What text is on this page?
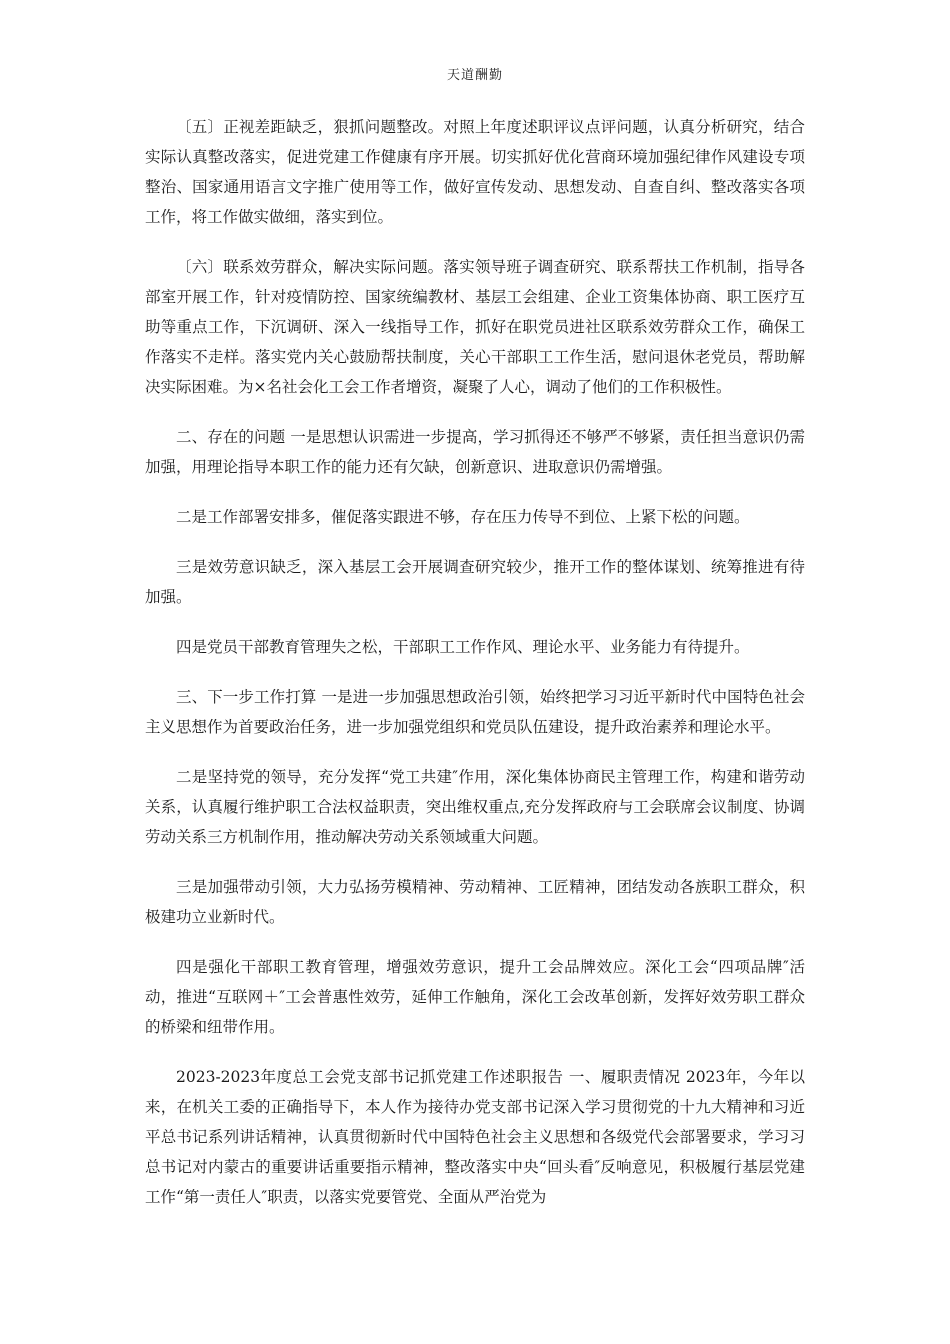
天道酬勤

〔五〕正视差距缺乏，狠抓问题整改。对照上年度述职评议点评问题，认真分析研究，结合实际认真整改落实，促进党建工作健康有序开展。切实抓好优化营商环境加强纪律作风建设专项整治、国家通用语言文字推广使用等工作，做好宣传发动、思想发动、自查自纠、整改落实各项工作，将工作做实做细，落实到位。

〔六〕联系效劳群众，解决实际问题。落实领导班子调查研究、联系帮扶工作机制，指导各部室开展工作，针对疫情防控、国家统编教材、基层工会组建、企业工资集体协商、职工医疗互助等重点工作，下沉调研、深入一线指导工作，抓好在职党员进社区联系效劳群众工作，确保工作落实不走样。落实党内关心鼓励帮扶制度，关心干部职工工作生活，慰问退休老党员，帮助解决实际困难。为×名社会化工会工作者增资，凝聚了人心，调动了他们的工作积极性。

二、存在的问题 一是思想认识需进一步提高，学习抓得还不够严不够紧，责任担当意识仍需加强，用理论指导本职工作的能力还有欠缺，创新意识、进取意识仍需增强。

二是工作部署安排多，催促落实跟进不够，存在压力传导不到位、上紧下松的问题。

三是效劳意识缺乏，深入基层工会开展调查研究较少，推开工作的整体谋划、统筹推进有待加强。

四是党员干部教育管理失之松，干部职工工作作风、理论水平、业务能力有待提升。

三、下一步工作打算 一是进一步加强思想政治引领，始终把学习习近平新时代中国特色社会主义思想作为首要政治任务，进一步加强党组织和党员队伍建设，提升政治素养和理论水平。

二是坚持党的领导，充分发挥“党工共建″作用，深化集体协商民主管理工作，构建和谐劳动关系，认真履行维护职工合法权益职责，突出维权重点,充分发挥政府与工会联席会议制度、协调劳动关系三方机制作用，推动解决劳动关系领域重大问题。

三是加强带动引领，大力弘扬劳模精神、劳动精神、工匠精神，团结发动各族职工群众，积极建功立业新时代。

四是强化干部职工教育管理，增强效劳意识，提升工会品牌效应。深化工会“四项品牌″活动，推进“互联网＋″工会普惠性效劳，延伸工作触角，深化工会改革创新，发挥好效劳职工群众的桥梁和纽带作用。

2023-2023年度总工会党支部书记抓党建工作述职报告 一、履职责情况 2023年，今年以来，在机关工委的正确指导下，本人作为接待办党支部书记深入学习贯彻党的十九大精神和习近平总书记系列讲话精神，认真贯彻新时代中国特色社会主义思想和各级党代会部署要求，学习习总书记对内蒙古的重要讲话重要指示精神，整改落实中央“回头看″反响意见，积极履行基层党建工作“第一责任人″职责，以落实党要管党、全面从严治党为
